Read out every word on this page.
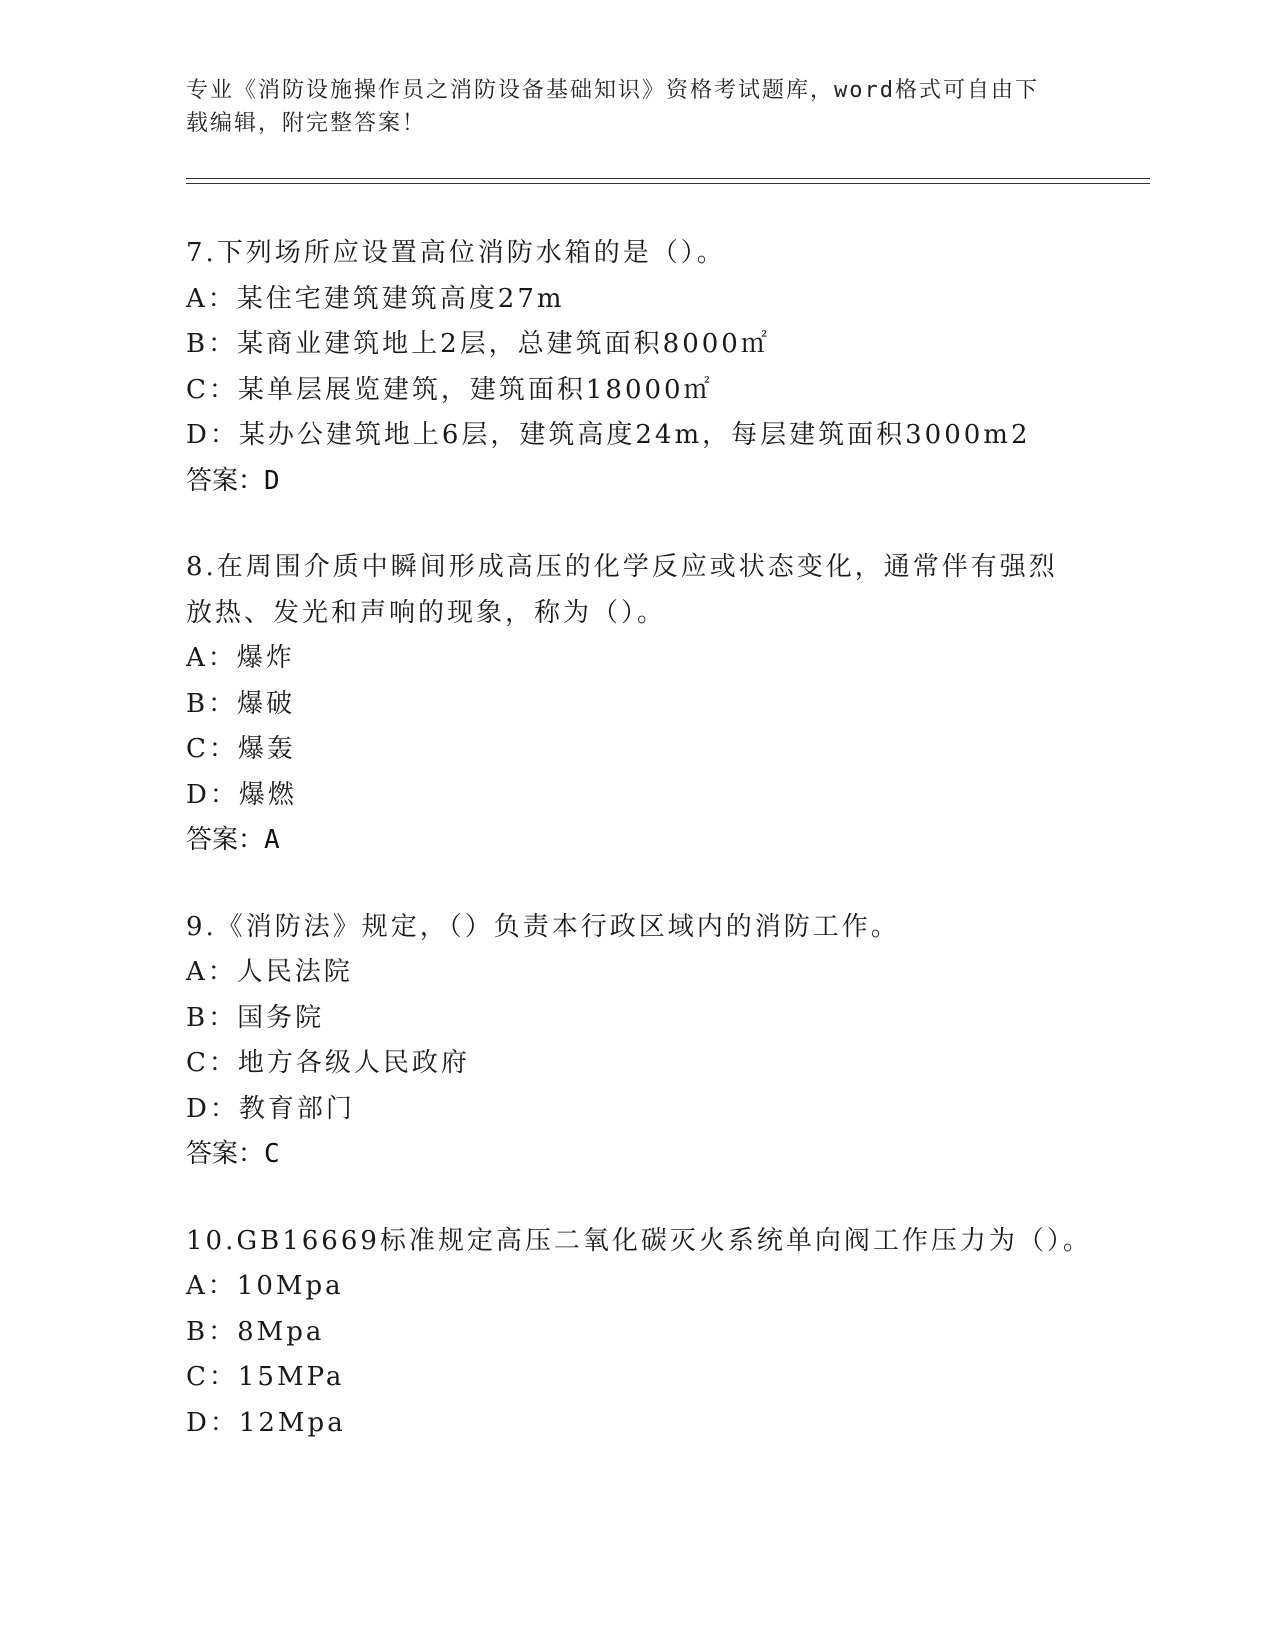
专业《消防设施操作员之消防设备基础知识》资格考试题库，word格式可自由下
载编辑，附完整答案！

7.下列场所应设置高位消防水箱的是（）。

A：某住宅建筑建筑高度27m

B：某商业建筑地上2层，总建筑面积8000㎡

C：某单层展览建筑，建筑面积18000㎡

D：某办公建筑地上6层，建筑高度24m，每层建筑面积3000m2

答案：D

8.在周围介质中瞬间形成高压的化学反应或状态变化，通常伴有强烈放热、发光和声响的现象，称为（）。

A：爆炸

B：爆破

C：爆轰

D：爆燃

答案：A

9.《消防法》规定，（）负责本行政区域内的消防工作。

A：人民法院

B：国务院

C：地方各级人民政府

D：教育部门

答案：C

10.GB16669标准规定高压二氧化碳灭火系统单向阀工作压力为（）。

A：10Mpa

B：8Mpa

C：15MPa

D：12Mpa
